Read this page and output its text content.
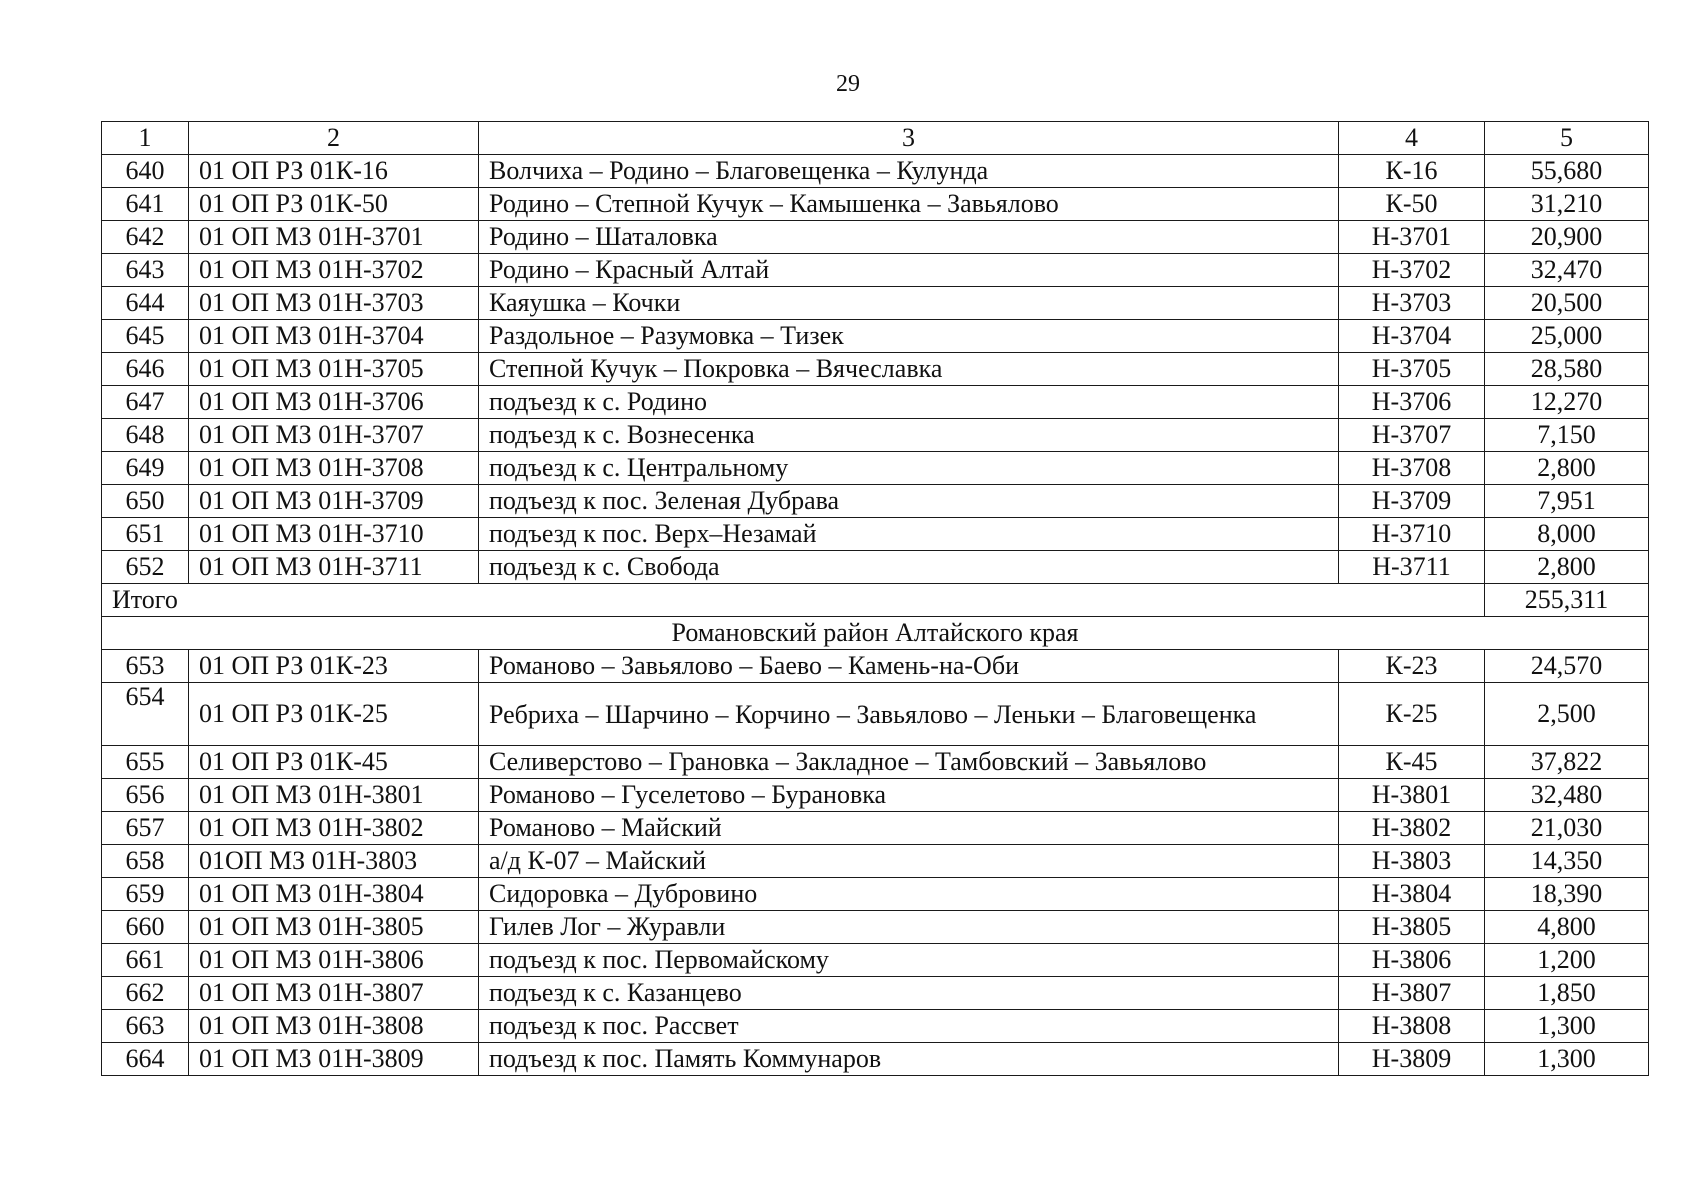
29
1	2	3	4	5
640	01 ОП РЗ 01К-16	Волчиха – Родино – Благовещенка – Кулунда	К-16	55,680
641	01 ОП РЗ 01К-50	Родино – Степной Кучук – Камышенка – Завьялово	К-50	31,210
642	01 ОП МЗ 01Н-3701	Родино – Шаталовка	Н-3701	20,900
643	01 ОП МЗ 01Н-3702	Родино – Красный Алтай	Н-3702	32,470
644	01 ОП МЗ 01Н-3703	Каяушка – Кочки	Н-3703	20,500
645	01 ОП МЗ 01Н-3704	Раздольное – Разумовка – Тизек	Н-3704	25,000
646	01 ОП МЗ 01Н-3705	Степной Кучук – Покровка – Вячеславка	Н-3705	28,580
647	01 ОП МЗ 01Н-3706	подъезд к с. Родино	Н-3706	12,270
648	01 ОП МЗ 01Н-3707	подъезд к с. Вознесенка	Н-3707	7,150
649	01 ОП МЗ 01Н-3708	подъезд к с. Центральному	Н-3708	2,800
650	01 ОП МЗ 01Н-3709	подъезд к пос. Зеленая Дубрава	Н-3709	7,951
651	01 ОП МЗ 01Н-3710	подъезд к пос. Верх–Незамай	Н-3710	8,000
652	01 ОП МЗ 01Н-3711	подъезд к с. Свобода	Н-3711	2,800
Итого				255,311
Романовский район Алтайского края				
653	01 ОП РЗ 01К-23	Романово – Завьялово – Баево – Камень-на-Оби	К-23	24,570
654	01 ОП РЗ 01К-25	Ребриха – Шарчино – Корчино – Завьялово – Леньки – Благовещенка	К-25	2,500
655	01 ОП РЗ 01К-45	Селиверстово – Грановка – Закладное – Тамбовский – Завьялово	К-45	37,822
656	01 ОП МЗ 01Н-3801	Романово – Гуселетово – Бурановка	Н-3801	32,480
657	01 ОП МЗ 01Н-3802	Романово – Майский	Н-3802	21,030
658	01ОП МЗ 01Н-3803	а/д К-07 – Майский	Н-3803	14,350
659	01 ОП МЗ 01Н-3804	Сидоровка – Дубровино	Н-3804	18,390
660	01 ОП МЗ 01Н-3805	Гилев Лог – Журавли	Н-3805	4,800
661	01 ОП МЗ 01Н-3806	подъезд к пос. Первомайскому	Н-3806	1,200
662	01 ОП МЗ 01Н-3807	подъезд к с. Казанцево	Н-3807	1,850
663	01 ОП МЗ 01Н-3808	подъезд к пос. Рассвет	Н-3808	1,300
664	01 ОП МЗ 01Н-3809	подъезд к пос. Память Коммунаров	Н-3809	1,300
